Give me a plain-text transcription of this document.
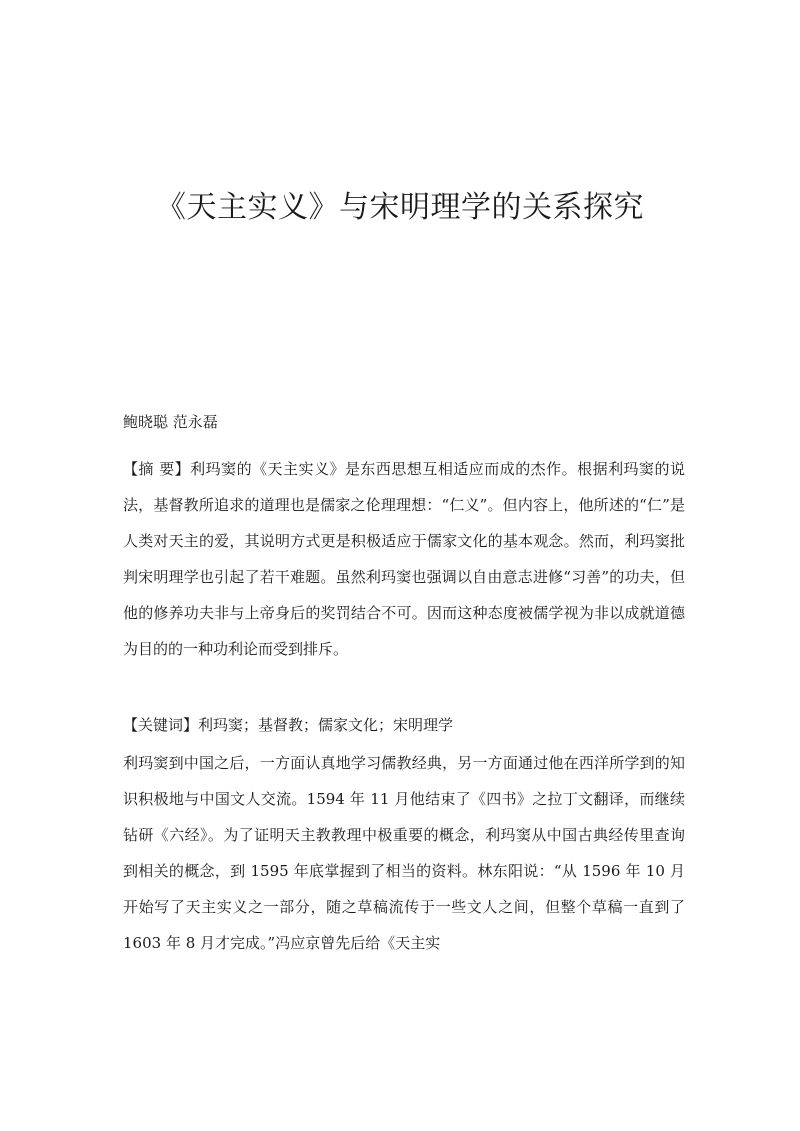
《天主实义》与宋明理学的关系探究

鲍晓聪 范永磊

【摘 要】利玛窦的《天主实义》是东西思想互相适应而成的杰作。根据利玛窦的说法，基督教所追求的道理也是儒家之伦理理想：“仁义”。但内容上，他所述的“仁”是人类对天主的爱，其说明方式更是积极适应于儒家文化的基本观念。然而，利玛窦批判宋明理学也引起了若干难题。虽然利玛窦也强调以自由意志进修“习善”的功夫，但他的修养功夫非与上帝身后的奖罚结合不可。因而这种态度被儒学视为非以成就道德为目的的一种功利论而受到排斥。

【关键词】利玛窦；基督教；儒家文化；宋明理学

利玛窦到中国之后，一方面认真地学习儒教经典，另一方面通过他在西洋所学到的知识积极地与中国文人交流。1594 年 11 月他结束了《四书》之拉丁文翻译，而继续钻研《六经》。为了证明天主教教理中极重要的概念，利玛窦从中国古典经传里查询到相关的概念，到 1595 年底掌握到了相当的资料。林东阳说：“从 1596 年 10 月开始写了天主实义之一部分，随之草稿流传于一些文人之间，但整个草稿一直到了 1603 年 8 月才完成。”冯应京曾先后给《天主实
